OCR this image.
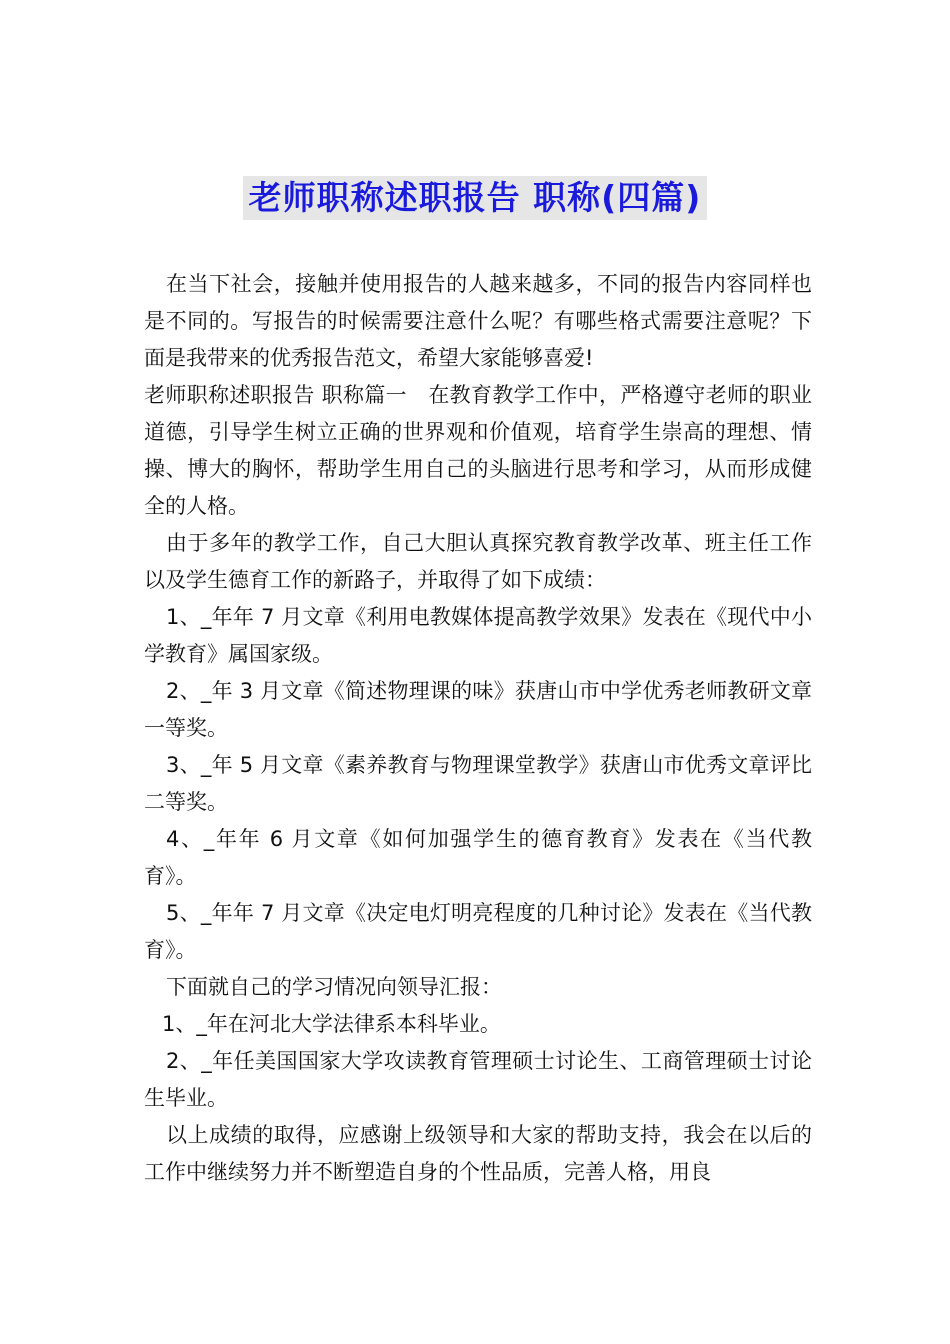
老师职称述职报告 职称(四篇)

在当下社会，接触并使用报告的人越来越多，不同的报告内容同样也是不同的。写报告的时候需要注意什么呢？有哪些格式需要注意呢？下面是我带来的优秀报告范文，希望大家能够喜爱!

老师职称述职报告 职称篇一　在教育教学工作中，严格遵守老师的职业道德，引导学生树立正确的世界观和价值观，培育学生崇高的理想、情操、博大的胸怀，帮助学生用自己的头脑进行思考和学习，从而形成健全的人格。

由于多年的教学工作，自己大胆认真探究教育教学改革、班主任工作以及学生德育工作的新路子，并取得了如下成绩：

1、_年年 7 月文章《利用电教媒体提高教学效果》发表在《现代中小学教育》属国家级。

2、_年 3 月文章《简述物理课的味》获唐山市中学优秀老师教研文章一等奖。

3、_年 5 月文章《素养教育与物理课堂教学》获唐山市优秀文章评比二等奖。

4、_年年 6 月文章《如何加强学生的德育教育》发表在《当代教育》。

5、_年年 7 月文章《决定电灯明亮程度的几种讨论》发表在《当代教育》。

下面就自己的学习情况向领导汇报：

1、_年在河北大学法律系本科毕业。

2、_年任美国国家大学攻读教育管理硕士讨论生、工商管理硕士讨论生毕业。

以上成绩的取得，应感谢上级领导和大家的帮助支持，我会在以后的工作中继续努力并不断塑造自身的个性品质，完善人格，用良
